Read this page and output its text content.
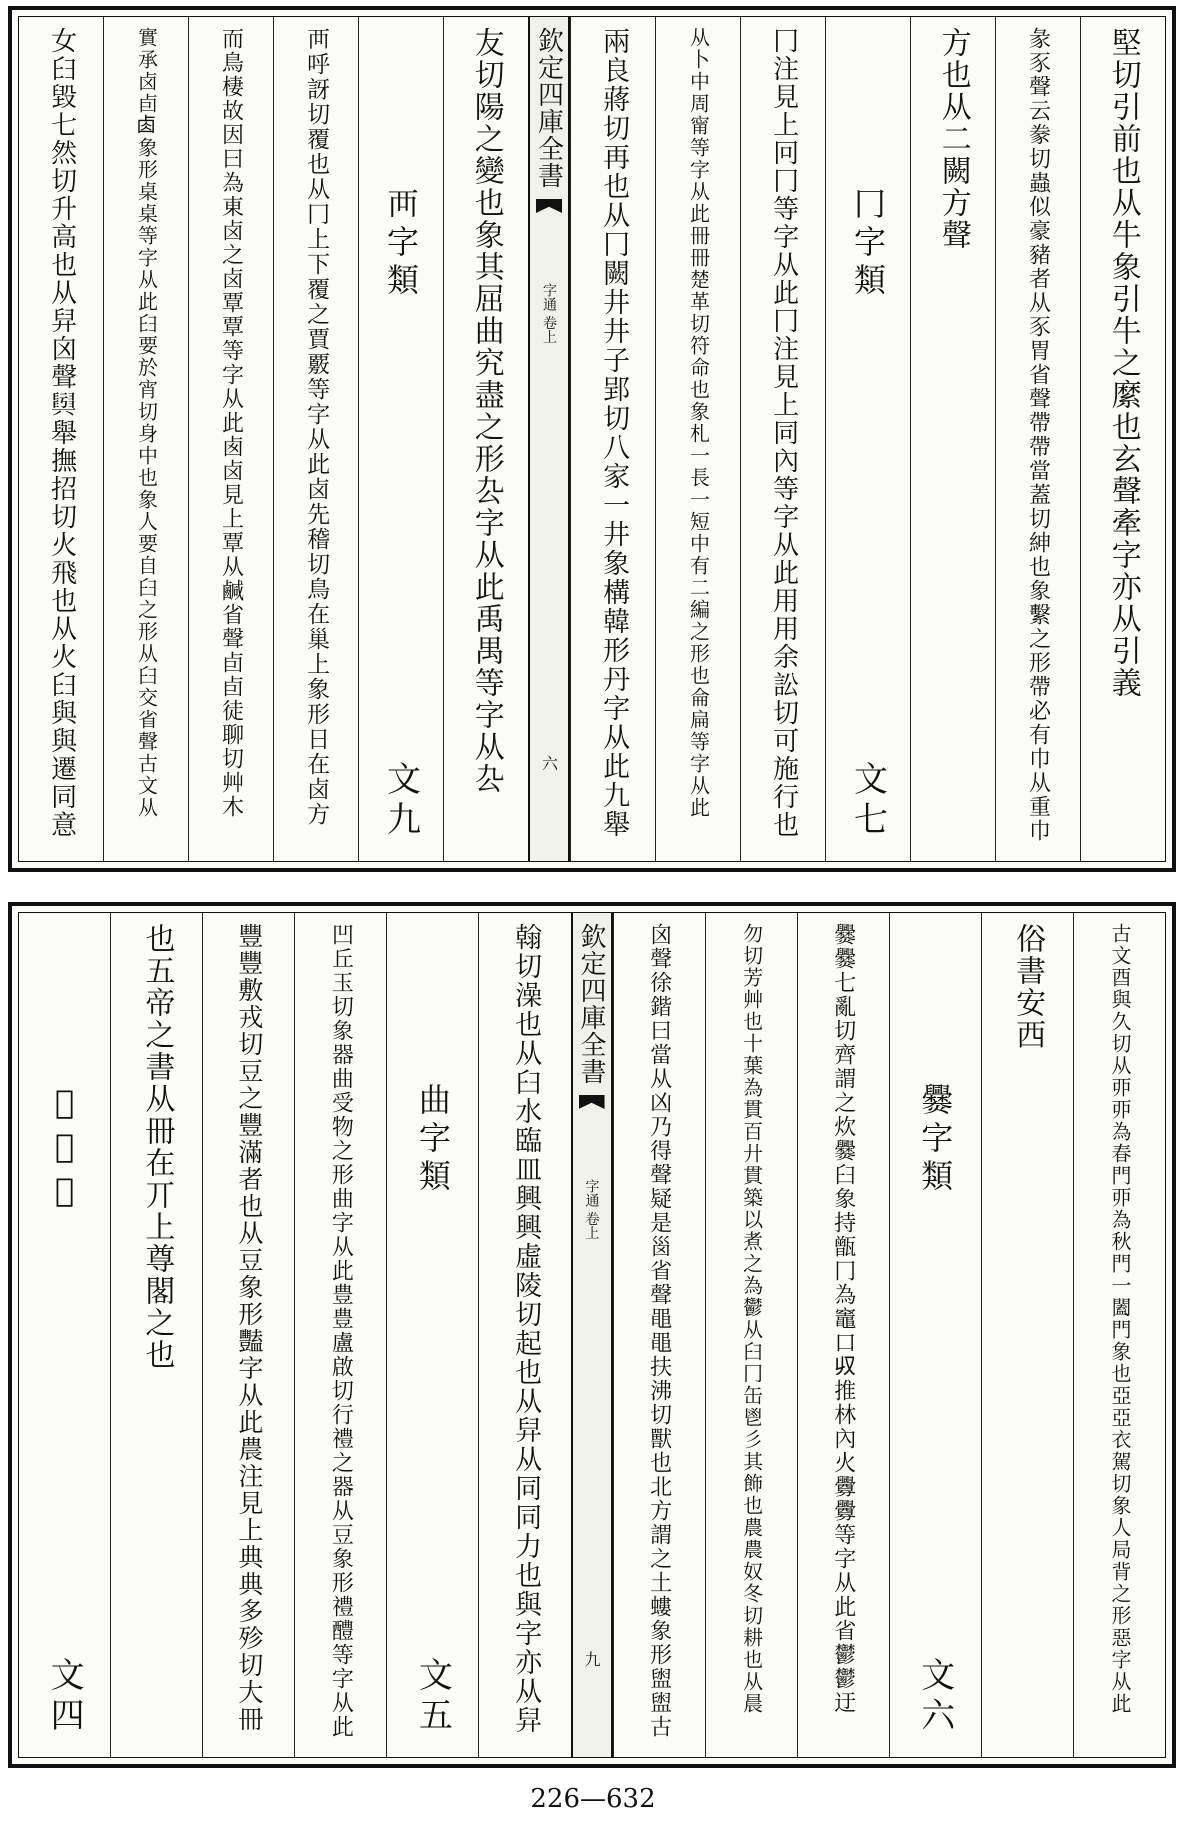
堅切引前也从牛象引牛之縻也玄聲牽字亦从引義
彖豕聲云豢切蟲似豪豬者从豕胃省聲帶帶當蓋切紳也象繫之形帶必有巾从重巾
方也从二闕方聲
冂字類
文七
冂注見上冋冂等字从此冂注見上同內等字从此用用余訟切可施行也
从卜中周甯等字从此冊冊楚革切符命也象札一長一短中有二編之形也侖扁等字从此
兩良蔣切再也从冂闕井井子郢切八家一井象構韓形丹字从此九舉
欽定四庫全書
字通 卷上
六
友切陽之變也象其屈曲究盡之形厹字从此禹禺等字从厹
襾字類
文九
襾呼訝切覆也从冂上下覆之賈覈等字从此卤先稽切鳥在巢上象形日在卤方
而鳥棲故因曰為東卤之卤覃覃等字从此卥卤見上覃从鹹省聲卣卣徒聊切艸木
實承卤卣𠧪象形桌桌等字从此𦥑要於宵切身中也象人要自臼之形从臼交省聲古文从
女𦥑毀七然切升高也从舁囟聲𦦫舉撫招切火飛也从火𦥑與與遷同意
古文酉與久切从丣丣為春門丣為秋門一闔門象也亞亞衣駕切象人局背之形惡字从此
俗書安西
爨字類
文六
爨爨七亂切齊謂之炊爨臼象持甑冂為竈口𠬞推林內火釁釁等字从此省鬱鬱迂
勿切芳艸也十葉為貫百廾貫築以煮之為鬱从臼冂缶鬯彡其飾也農農奴冬切耕也从晨
囟聲徐鍇曰當从凶乃得聲疑是𡿺省聲黽黽扶沸切獸也北方謂之土螻象形盥盥古
欽定四庫全書
字通 卷上
九
翰切澡也从臼水臨皿興興虛陵切起也从舁从同同力也與字亦从舁
曲字類
文五
凹丘玉切象器曲受物之形曲字从此豊豊盧啟切行禮之器从豆象形禮醴等字从此
豐豐敷戎切豆之豐滿者也从豆象形豔字从此農注見上典典多殄切大冊
也五帝之書从冊在丌上尊閣之也
𠂋字類
文四
226—632
